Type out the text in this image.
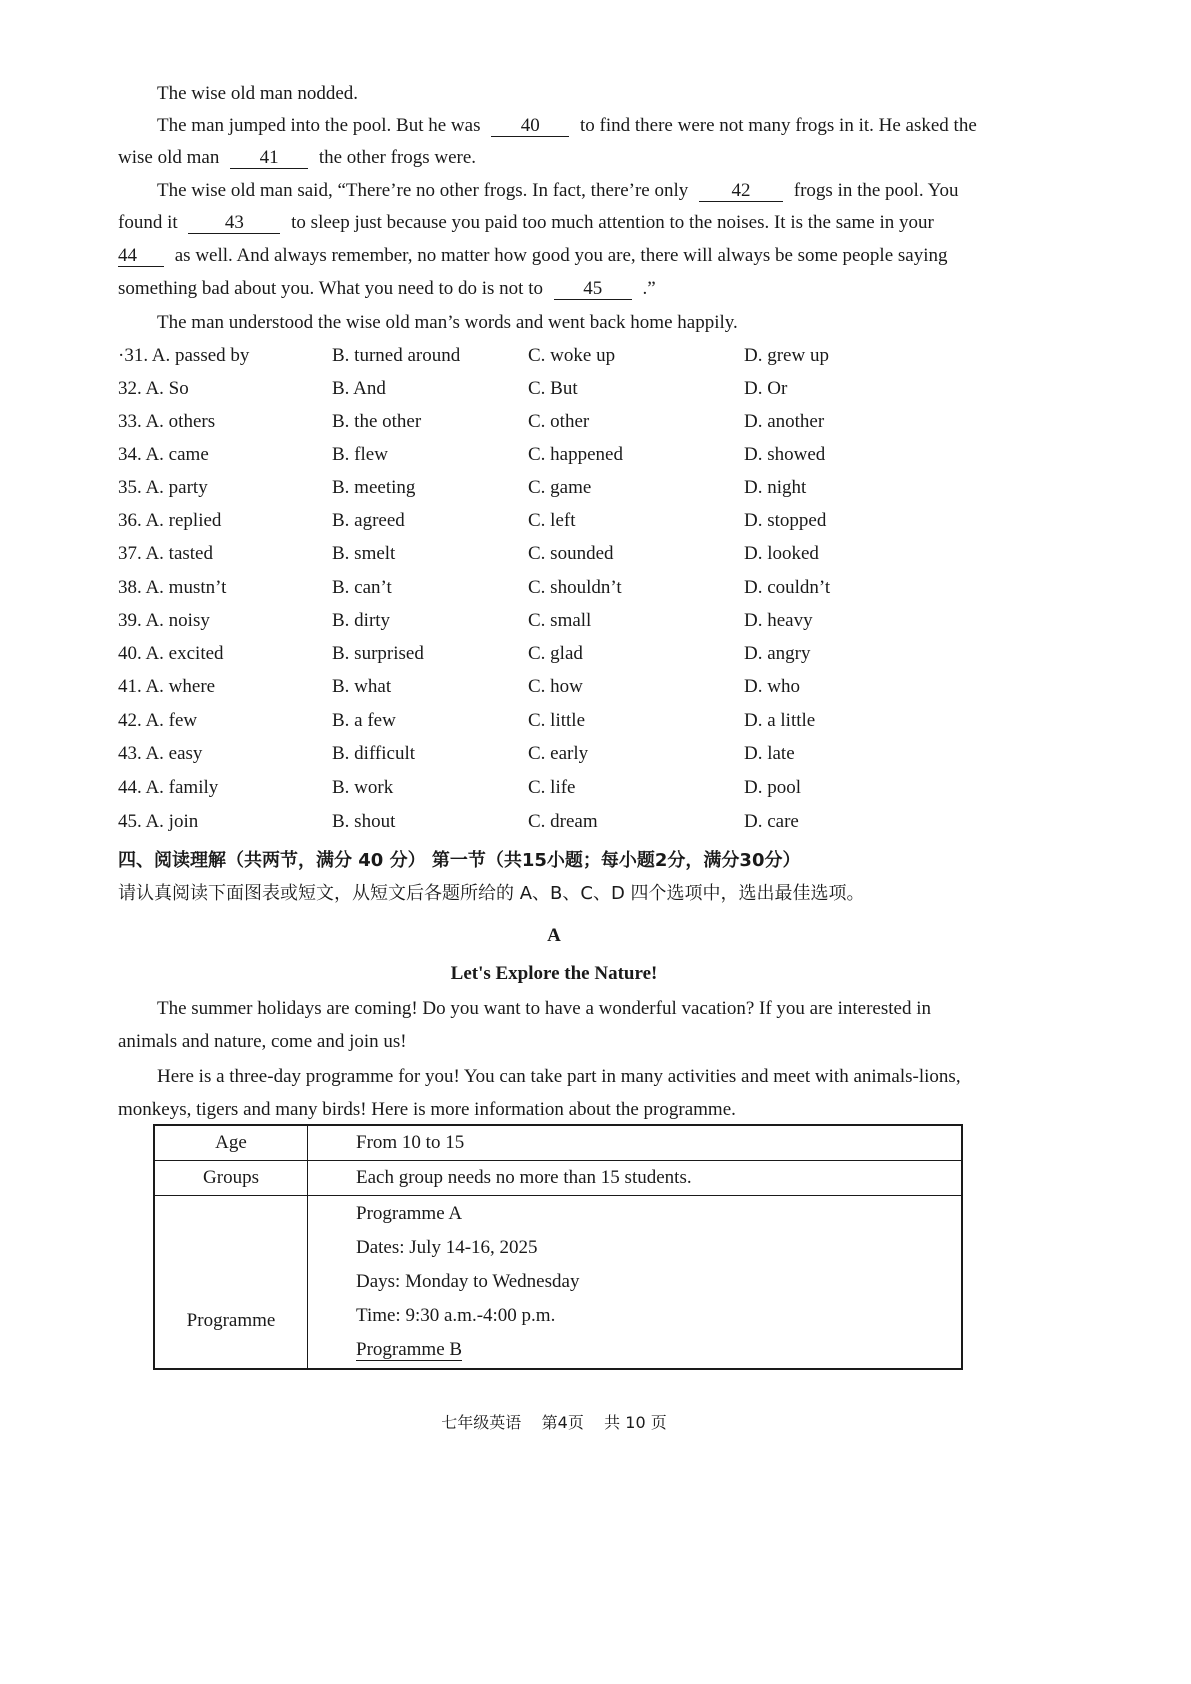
The wise old man nodded.
The man jumped into the pool. But he was 40 to find there were not many frogs in it. He asked the
wise old man 41 the other frogs were.
The wise old man said, “There’re no other frogs. In fact, there’re only 42 frogs in the pool. You
found it 43 to sleep just because you paid too much attention to the noises. It is the same in your
44 as well. And always remember, no matter how good you are, there will always be some people saying
something bad about you. What you need to do is not to 45 .”
The man understood the wise old man’s words and went back home happily.
·31. A. passed by	B. turned around	C. woke up	D. grew up
32. A. So	B. And	C. But	D. Or
33. A. others	B. the other	C. other	D. another
34. A. came	B. flew	C. happened	D. showed
35. A. party	B. meeting	C. game	D. night
36. A. replied	B. agreed	C. left	D. stopped
37. A. tasted	B. smelt	C. sounded	D. looked
38. A. mustn’t	B. can’t	C. shouldn’t	D. couldn’t
39. A. noisy	B. dirty	C. small	D. heavy
40. A. excited	B. surprised	C. glad	D. angry
41. A. where	B. what	C. how	D. who
42. A. few	B. a few	C. little	D. a little
43. A. easy	B. difficult	C. early	D. late
44. A. family	B. work	C. life	D. pool
45. A. join	B. shout	C. dream	D. care
四、阅读理解（共两节，满分 40 分） 第一节（共15小题；每小题2分，满分30分）
请认真阅读下面图表或短文，从短文后各题所给的 A、B、C、D 四个选项中，选出最佳选项。
A
Let's Explore the Nature!
The summer holidays are coming! Do you want to have a wonderful vacation? If you are interested in
animals and nature, come and join us!
Here is a three-day programme for you! You can take part in many activities and meet with animals-lions,
monkeys, tigers and many birds! Here is more information about the programme.
Age	From 10 to 15
Groups	Each group needs no more than 15 students.
Programme	Programme A
Dates: July 14-16, 2025
Days: Monday to Wednesday
Time: 9:30 a.m.-4:00 p.m.
Programme B
七年级英语 第4页 共 10 页
